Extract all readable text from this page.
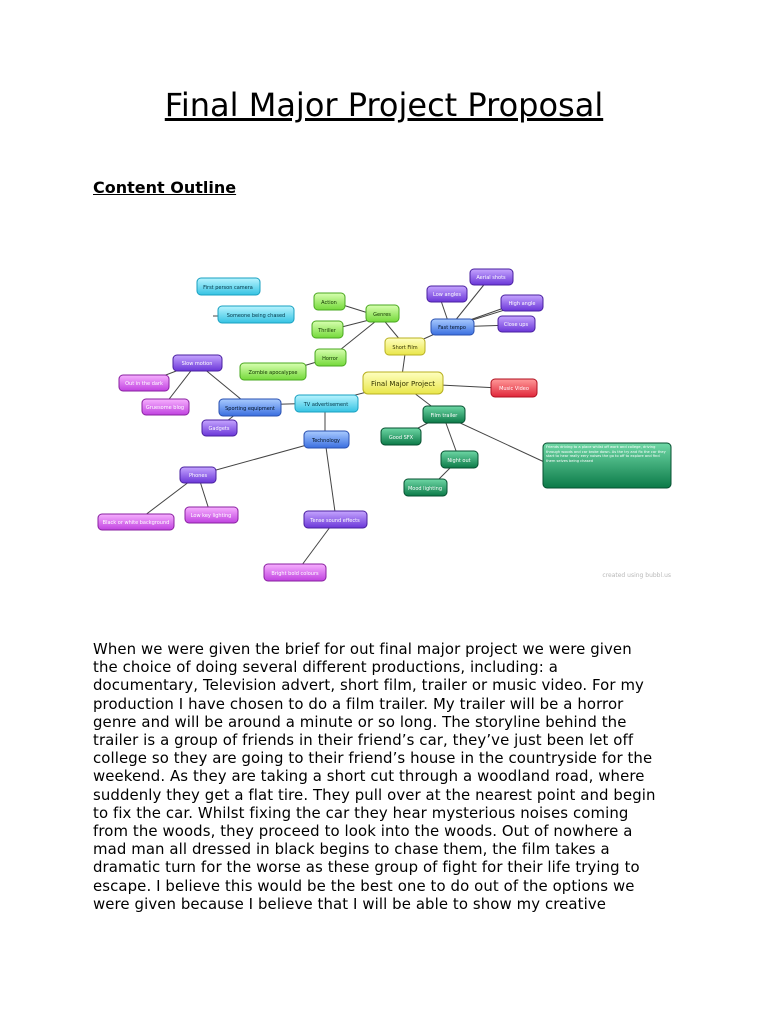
Final Major Project Proposal
Content Outline
First person camera
Someone being chased
Action
Genres
Thriller
Horror
Zombie apocalypse
Short Film
Final Major Project
Music Video
TV advertisement
Sporting equipment
Technology
Film trailer
Good SFX
Night out
Mood lighting
Friends driving to a place whilst off work and college, driving through woods and car broke down. As the try and fix the car they start to hear really eery noises the go to off to explore and find them selves being chased
Aerial shots
Low angles
High angle
Close ups
Fast tempo
Slow motion
Out in the dark
Gruesome blog
Gadgets
Phones
Low key lighting
Black or white background	Tense sound effects
Bright bold colours	created using bubbl.us
When we were given the brief for out final major project we were given
the choice of doing several different productions, including: a
documentary, Television advert, short film, trailer or music video. For my
production I have chosen to do a film trailer. My trailer will be a horror
genre and will be around a minute or so long. The storyline behind the
trailer is a group of friends in their friend’s car, they’ve just been let off
college so they are going to their friend’s house in the countryside for the
weekend. As they are taking a short cut through a woodland road, where
suddenly they get a flat tire. They pull over at the nearest point and begin
to fix the car. Whilst fixing the car they hear mysterious noises coming
from the woods, they proceed to look into the woods. Out of nowhere a
mad man all dressed in black begins to chase them, the film takes a
dramatic turn for the worse as these group of fight for their life trying to
escape. I believe this would be the best one to do out of the options we
were given because I believe that I will be able to show my creative
